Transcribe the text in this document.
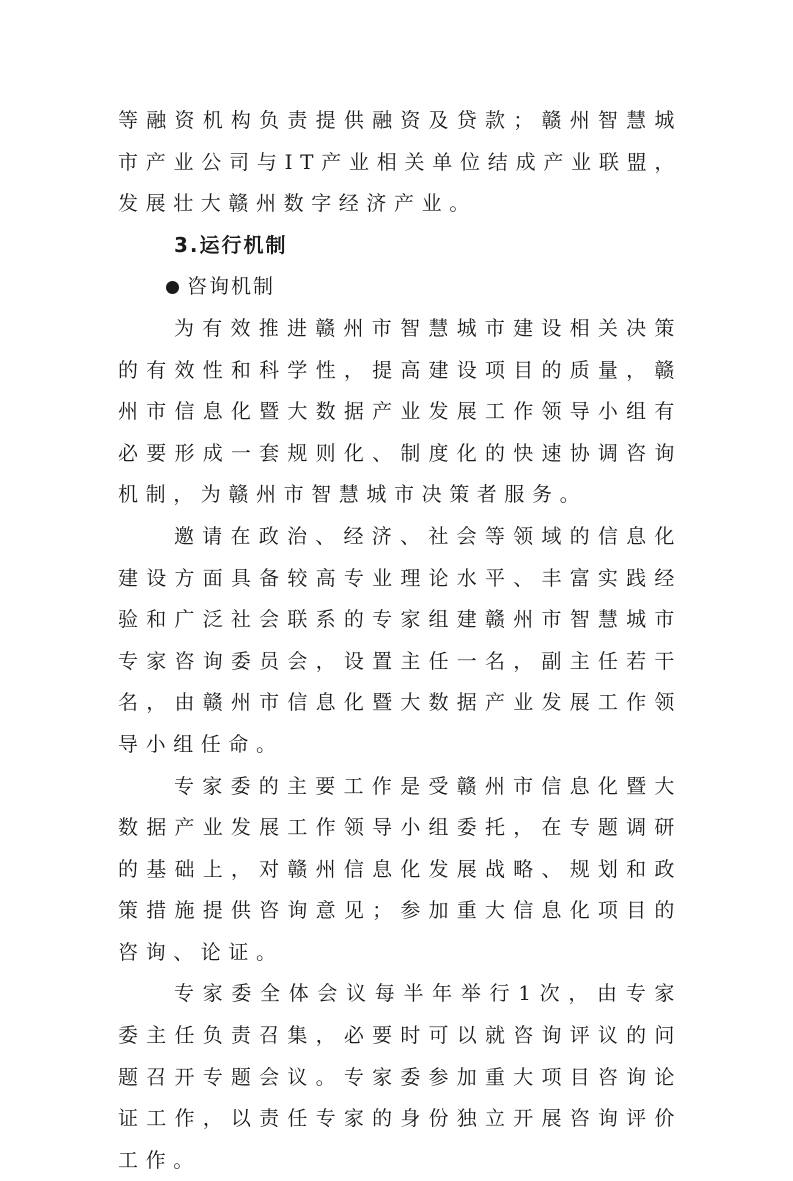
等融资机构负责提供融资及贷款；赣州智慧城市产业公司与IT产业相关单位结成产业联盟，发展壮大赣州数字经济产业。

3.运行机制

咨询机制

为有效推进赣州市智慧城市建设相关决策的有效性和科学性，提高建设项目的质量，赣州市信息化暨大数据产业发展工作领导小组有必要形成一套规则化、制度化的快速协调咨询机制，为赣州市智慧城市决策者服务。

邀请在政治、经济、社会等领域的信息化建设方面具备较高专业理论水平、丰富实践经验和广泛社会联系的专家组建赣州市智慧城市专家咨询委员会，设置主任一名，副主任若干名，由赣州市信息化暨大数据产业发展工作领导小组任命。

专家委的主要工作是受赣州市信息化暨大数据产业发展工作领导小组委托，在专题调研的基础上，对赣州信息化发展战略、规划和政策措施提供咨询意见；参加重大信息化项目的咨询、论证。

专家委全体会议每半年举行1次，由专家委主任负责召集，必要时可以就咨询评议的问题召开专题会议。专家委参加重大项目咨询论证工作，以责任专家的身份独立开展咨询评价工作。
